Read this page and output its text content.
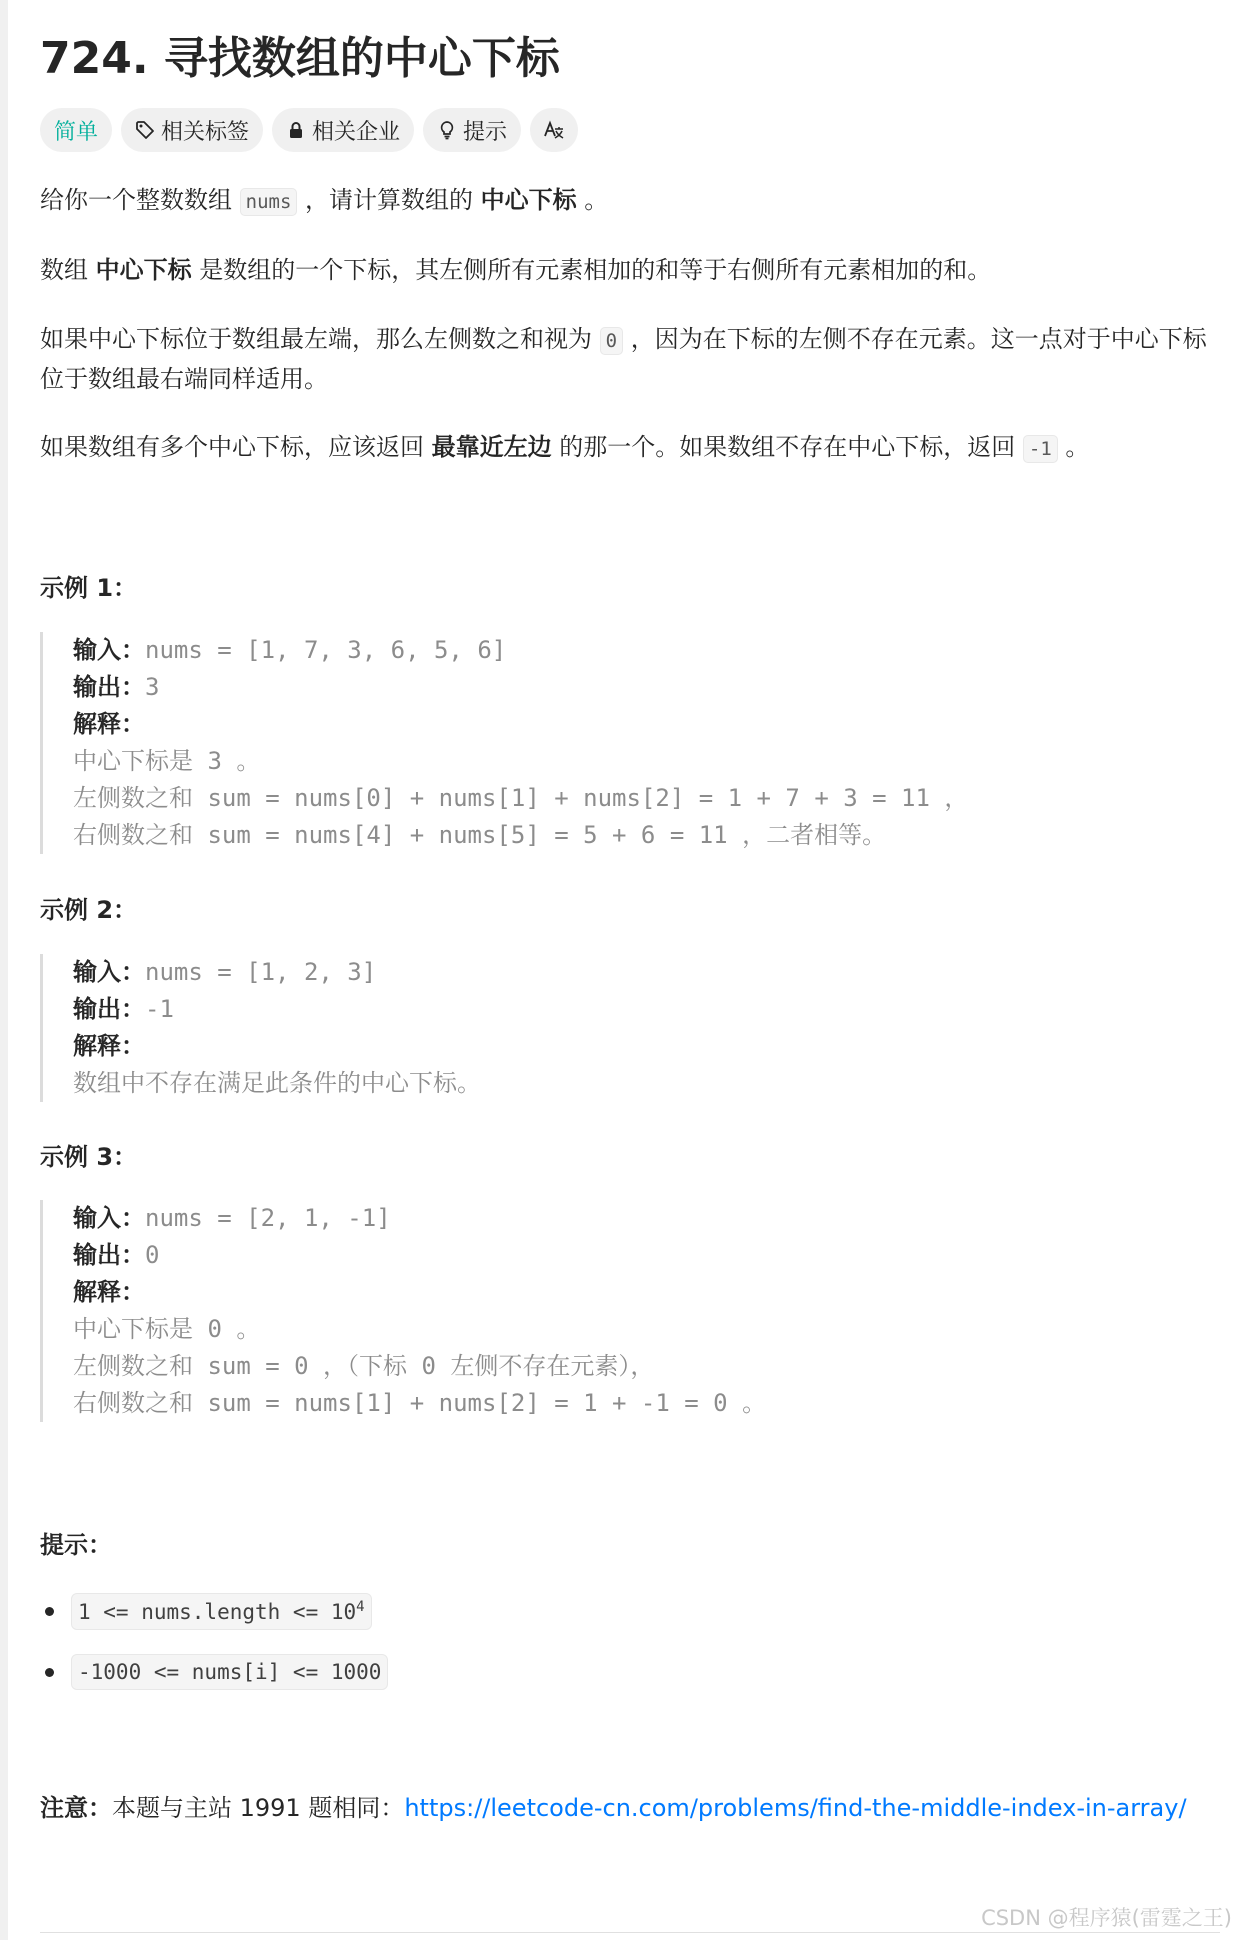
724. 寻找数组的中心下标
简单	相关标签	相关企业	提示

给你一个整数数组 nums ，请计算数组的 中心下标 。

数组 中心下标 是数组的一个下标，其左侧所有元素相加的和等于右侧所有元素相加的和。

如果中心下标位于数组最左端，那么左侧数之和视为 0 ，因为在下标的左侧不存在元素。这一点对于中心下标位于数组最右端同样适用。

如果数组有多个中心下标，应该返回 最靠近左边 的那一个。如果数组不存在中心下标，返回 -1 。

示例 1：
输入：nums = [1, 7, 3, 6, 5, 6]
输出：3
解释：
中心下标是 3 。
左侧数之和 sum = nums[0] + nums[1] + nums[2] = 1 + 7 + 3 = 11 ，
右侧数之和 sum = nums[4] + nums[5] = 5 + 6 = 11 ，二者相等。
示例 2：
输入：nums = [1, 2, 3]
输出：-1
解释：
数组中不存在满足此条件的中心下标。
示例 3：
输入：nums = [2, 1, -1]
输出：0
解释：
中心下标是 0 。
左侧数之和 sum = 0 ，（下标 0 左侧不存在元素），
右侧数之和 sum = nums[1] + nums[2] = 1 + -1 = 0 。
提示：
1 <= nums.length <= $10^4$
-1000 <= nums[i] <= 1000

注意：本题与主站 1991 题相同：https://leetcode-cn.com/problems/find-the-middle-index-in-array/

CSDN @程序猿(雷霆之王)
